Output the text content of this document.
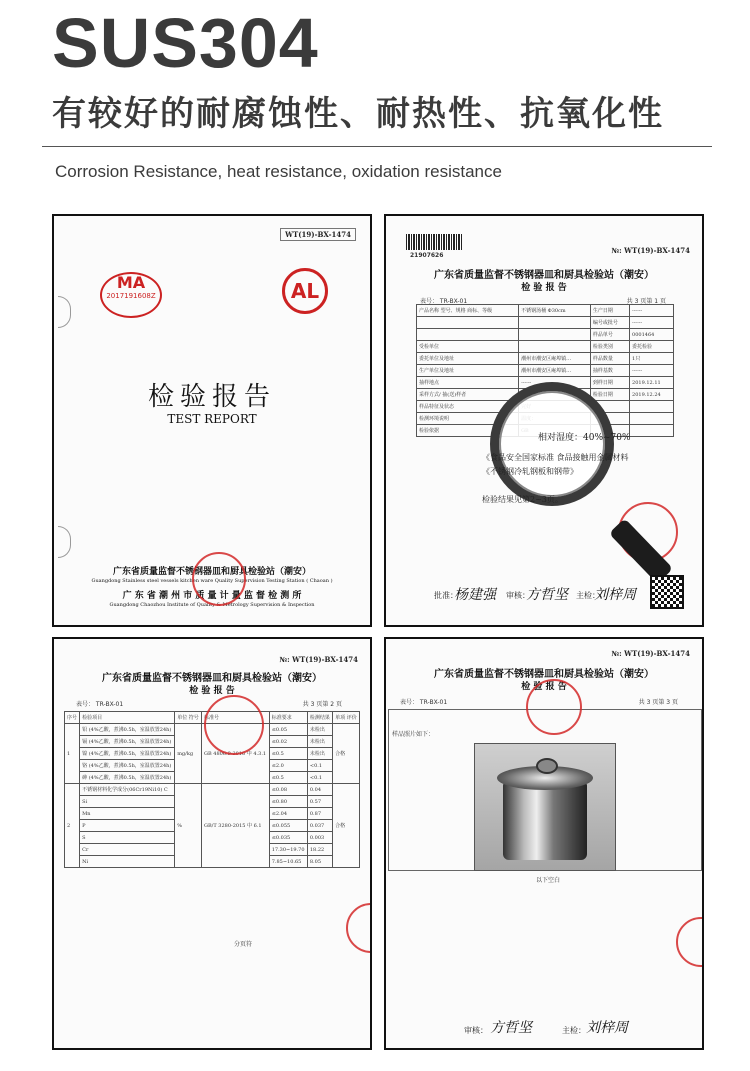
SUS304
有较好的耐腐蚀性、耐热性、抗氧化性
Corrosion Resistance, heat resistance, oxidation resistance
WT(19)-BX-1474
MA
2017191608Z	AL
检验报告
TEST REPORT
广东省质量监督不锈钢器皿和厨具检验站（潮安）
Guangdong Stainless steel vessels kitchen ware Quality Supervision Testing Station ( Chaoan )
广 东 省 潮 州 市 质 量 计 量 监 督 检 测 所
Guangdong Chaozhou Institute of Quality & Metrology Supervision & Inspection
21907626
№: WT(19)-BX-1474
广东省质量监督不锈钢器皿和厨具检验站（潮安）
检 验 报 告
表号： TR-BX-01	共 3 页第 1 页
产品名称 型号、规格 商标、等级	不锈钢汤桶 Φ30cm	生产日期	------
		编号或批号	------
		样品单号	0001464
受检单位		检验类别	委托检验
委托单位及地址	潮州市潮安区庵埠镇…	样品数量	1只
生产单位及地址	潮州市潮安区庵埠镇…	抽样基数	------
抽样地点	------	到样日期	2019.12.11
采样方式/ 抽(送)样者		检验日期	2019.12.24
样品特征及状态			
检测环境说明			
检验依据			
相对湿度：40%~70%
《食品安全国家标准 食品接触用金属材料
《不锈钢冷轧钢板和钢带》
检验结果见第2~3页。
批准：
杨建强 审核：
方哲坚 主检：
刘梓周
№: WT(19)-BX-1474
广东省质量监督不锈钢器皿和厨具检验站（潮安）
检 验 报 告
表号： TR-BX-01	共 3 页第 2 页
序号	检验项目	单位 符号	标准号	标准要求	检测结果	单项 评价
1	铅 (4%乙酸，煮沸0.5h，室温放置24h)	mg/kg	GB 4806.9-2016 中 4.3.1	≤0.05	未检出	合格
	镉 (4%乙酸，煮沸0.5h，室温放置24h)			≤0.02	未检出	
	镍 (4%乙酸，煮沸0.5h，室温放置24h)			≤0.5	未检出	
	铬 (4%乙酸，煮沸0.5h，室温放置24h)			≤2.0	<0.1	
	砷 (4%乙酸，煮沸0.5h，室温放置24h)			≤0.5	<0.1	
2	不锈钢材料化学成分(06Cr19Ni10) C	%	GB/T 3280-2015 中 6.1	≤0.08	0.04	合格
	Si			≤0.80	0.57	
	Mn			≤2.04	0.87	
	P			≤0.055	0.037	
	S			≤0.035	0.003	
	Cr			17.30~19.70	18.22	
	Ni			7.85~10.65	8.05	
分页符
№: WT(19)-BX-1474
广东省质量监督不锈钢器皿和厨具检验站（潮安）
检 验 报 告
表号： TR-BX-01	共 3 页第 3 页
样品照片如下：
以下空白
审核： 方哲坚	主检： 刘梓周
